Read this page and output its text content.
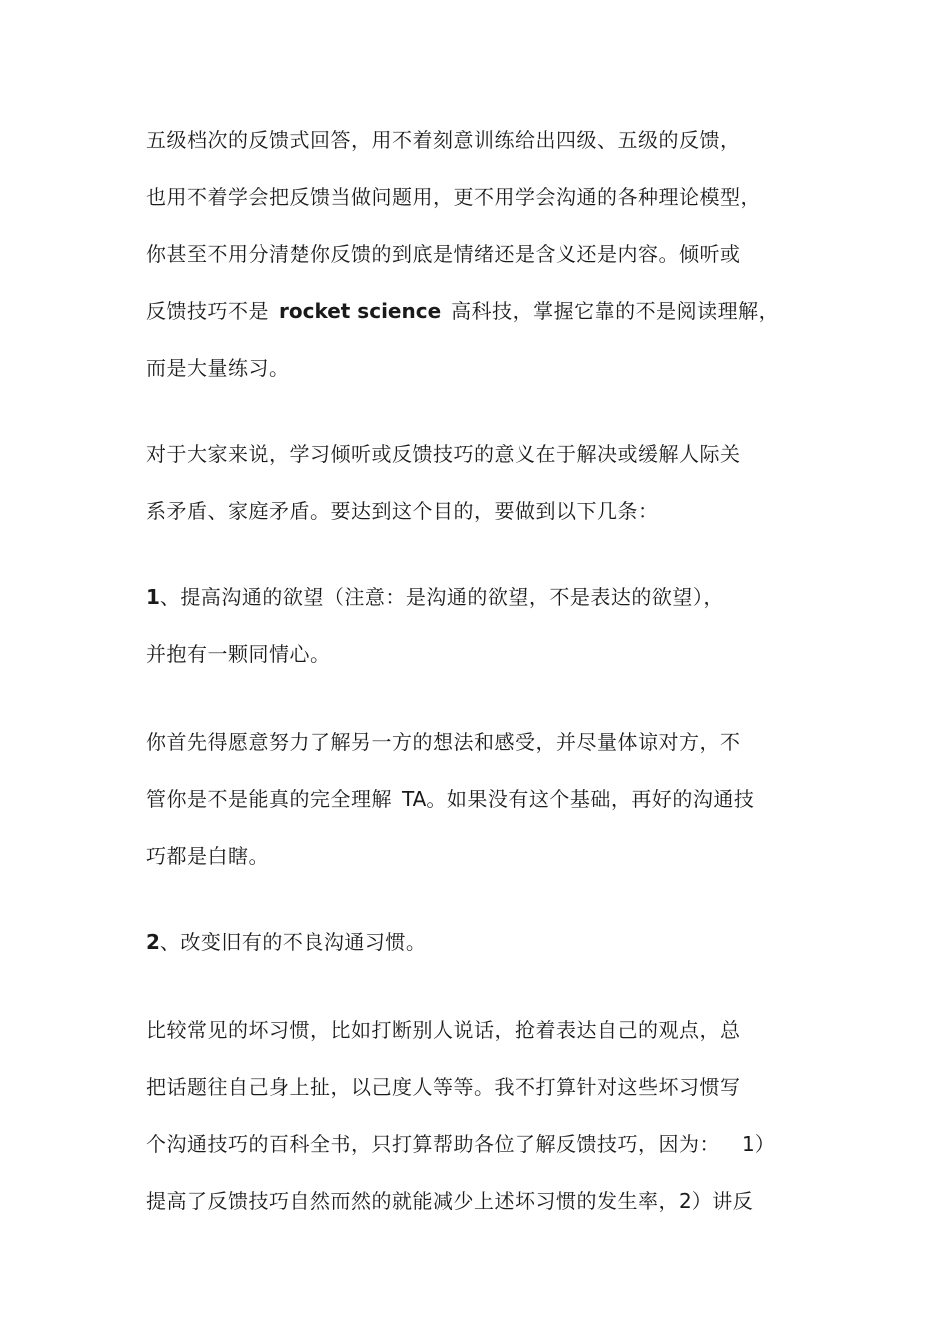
五级档次的反馈式回答，用不着刻意训练给出四级、五级的反馈，

也用不着学会把反馈当做问题用，更不用学会沟通的各种理论模型，

你甚至不用分清楚你反馈的到底是情绪还是含义还是内容。倾听或

反馈技巧不是 rocket science 高科技，掌握它靠的不是阅读理解，

而是大量练习。

对于大家来说，学习倾听或反馈技巧的意义在于解决或缓解人际关

系矛盾、家庭矛盾。要达到这个目的，要做到以下几条：

1、提高沟通的欲望（注意：是沟通的欲望，不是表达的欲望），

并抱有一颗同情心。

你首先得愿意努力了解另一方的想法和感受，并尽量体谅对方，不

管你是不是能真的完全理解 TA。如果没有这个基础，再好的沟通技

巧都是白瞎。

2、改变旧有的不良沟通习惯。

比较常见的坏习惯，比如打断别人说话，抢着表达自己的观点，总

把话题往自己身上扯，以己度人等等。我不打算针对这些坏习惯写

个沟通技巧的百科全书，只打算帮助各位了解反馈技巧，因为： 1）

提高了反馈技巧自然而然的就能减少上述坏习惯的发生率，2）讲反
